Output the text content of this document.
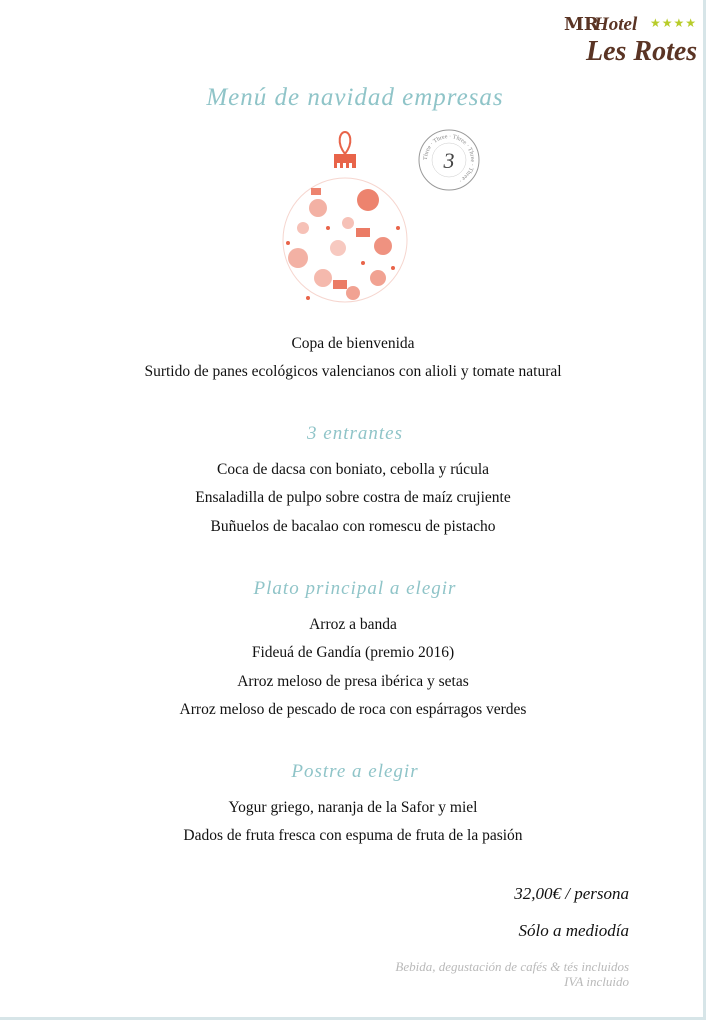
MR
Hotel ★★★★
Les Rotes
Menú de navidad empresas
Three · Three · Three · Three · Three ·
3
Copa de bienvenida
Surtido de panes ecológicos valencianos con alioli y tomate natural
3 entrantes
Coca de dacsa con boniato, cebolla y rúcula
Ensaladilla de pulpo sobre costra de maíz crujiente
Buñuelos de bacalao con romescu de pistacho
Plato principal a elegir
Arroz a banda
Fideuá de Gandía (premio 2016)
Arroz meloso de presa ibérica y setas
Arroz meloso de pescado de roca con espárragos verdes
Postre a elegir
Yogur griego, naranja de la Safor y miel
Dados de fruta fresca con espuma de fruta de la pasión
32,00€ / persona
Sólo a mediodía
Bebida, degustación de cafés & tés incluidos
IVA incluido
